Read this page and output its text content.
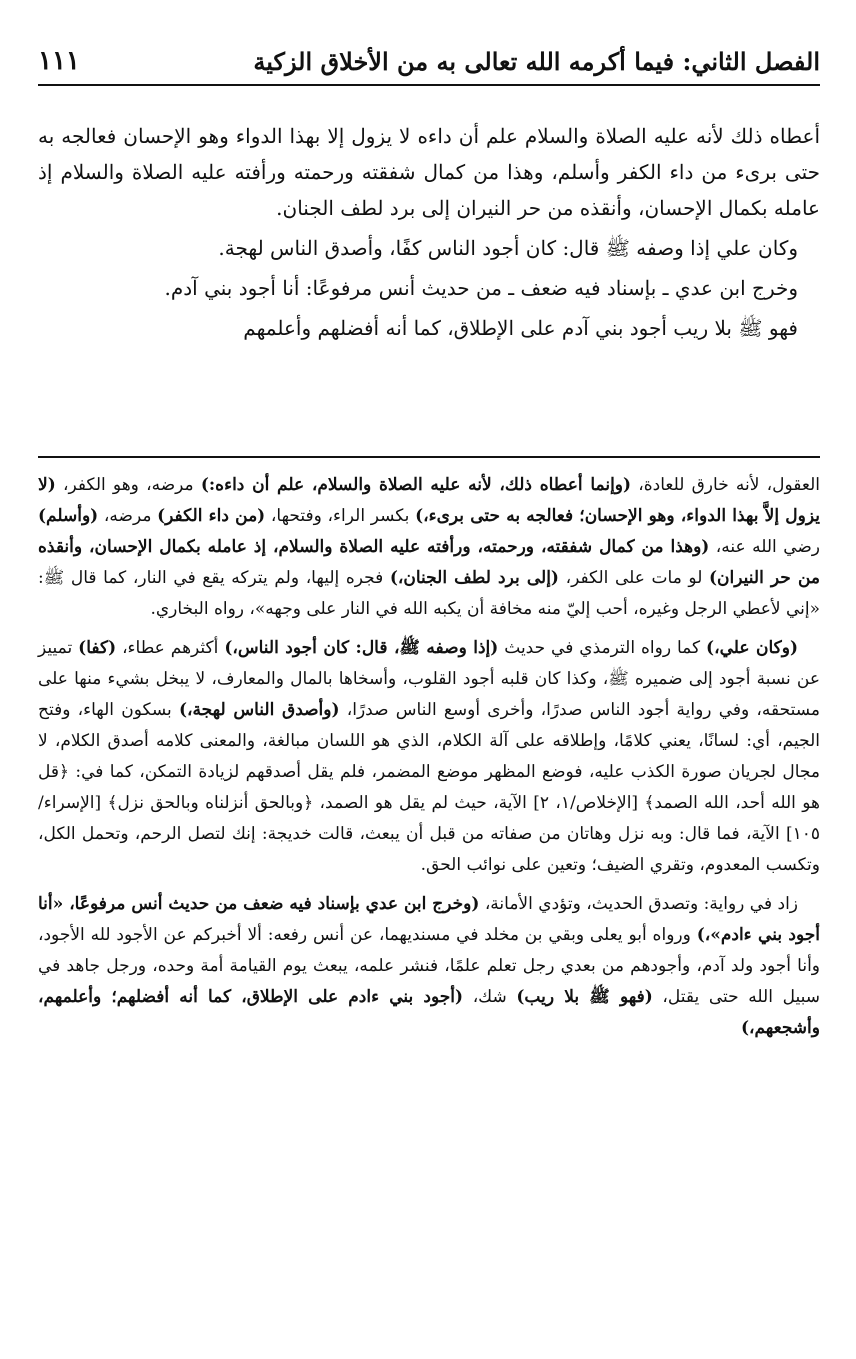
الفصل الثاني: فيما أكرمه الله تعالى به من الأخلاق الزكية
١١١

أعطاه ذلك لأنه عليه الصلاة والسلام علم أن داءه لا يزول إلا بهذا الدواء وهو الإحسان فعالجه به حتى برىء من داء الكفر وأسلم، وهذا من كمال شفقته ورحمته ورأفته عليه الصلاة والسلام إذ عامله بكمال الإحسان، وأنقذه من حر النيران إلى برد لطف الجنان.

وكان علي إذا وصفه ﷺ قال: كان أجود الناس كفًا، وأصدق الناس لهجة.

وخرج ابن عدي ـ بإسناد فيه ضعف ـ من حديث أنس مرفوعًا: أنا أجود بني آدم.

فهو ﷺ بلا ريب أجود بني آدم على الإطلاق، كما أنه أفضلهم وأعلمهم

العقول، لأنه خارق للعادة، (وإنما أعطاه ذلك، لأنه عليه الصلاة والسلام، علم أن داءه:) مرضه، وهو الكفر، (لا يزول إلاَّ بهذا الدواء، وهو الإحسان؛ فعالجه به حتى برىء،) بكسر الراء، وفتحها، (من داء الكفر) مرضه، (وأسلم) رضي الله عنه، (وهذا من كمال شفقته، ورحمته، ورأفته عليه الصلاة والسلام، إذ عامله بكمال الإحسان، وأنقذه من حر النيران) لو مات على الكفر، (إلى برد لطف الجنان،) فجره إليها، ولم يتركه يقع في النار، كما قال ﷺ: «إني لأعطي الرجل وغيره، أحب إليّ منه مخافة أن يكبه الله في النار على وجهه»، رواه البخاري.

(وكان علي،) كما رواه الترمذي في حديث (إذا وصفه ﷺ، قال: كان أجود الناس،) أكثرهم عطاء، (كفا) تمييز عن نسبة أجود إلى ضميره ﷺ، وكذا كان قلبه أجود القلوب، وأسخاها بالمال والمعارف، لا يبخل بشيء منها على مستحقه، وفي رواية أجود الناس صدرًا، وأخرى أوسع الناس صدرًا، (وأصدق الناس لهجة،) بسكون الهاء، وفتح الجيم، أي: لسانًا، يعني كلامًا، وإطلاقه على آلة الكلام، الذي هو اللسان مبالغة، والمعنى كلامه أصدق الكلام، لا مجال لجريان صورة الكذب عليه، فوضع المظهر موضع المضمر، فلم يقل أصدقهم لزيادة التمكن، كما في: ﴿قل هو الله أحد، الله الصمد﴾ [الإخلاص/١، ٢] الآية، حيث لم يقل هو الصمد، ﴿وبالحق أنزلناه وبالحق نزل﴾ [الإسراء/ ١٠٥] الآية، فما قال: وبه نزل وهاتان من صفاته من قبل أن يبعث، قالت خديجة: إنك لتصل الرحم، وتحمل الكل، وتكسب المعدوم، وتقري الضيف؛ وتعين على نوائب الحق.

زاد في رواية: وتصدق الحديث، وتؤدي الأمانة، (وخرج ابن عدي بإسناد فيه ضعف من حديث أنس مرفوعًا، «أنا أجود بني ءادم»،) ورواه أبو يعلى وبقي بن مخلد في مسنديهما، عن أنس رفعه: ألا أخبركم عن الأجود لله الأجود، وأنا أجود ولد آدم، وأجودهم من بعدي رجل تعلم علمًا، فنشر علمه، يبعث يوم القيامة أمة وحده، ورجل جاهد في سبيل الله حتى يقتل، (فهو ﷺ بلا ريب) شك، (أجود بني ءادم على الإطلاق، كما أنه أفضلهم؛ وأعلمهم، وأشجعهم،)
